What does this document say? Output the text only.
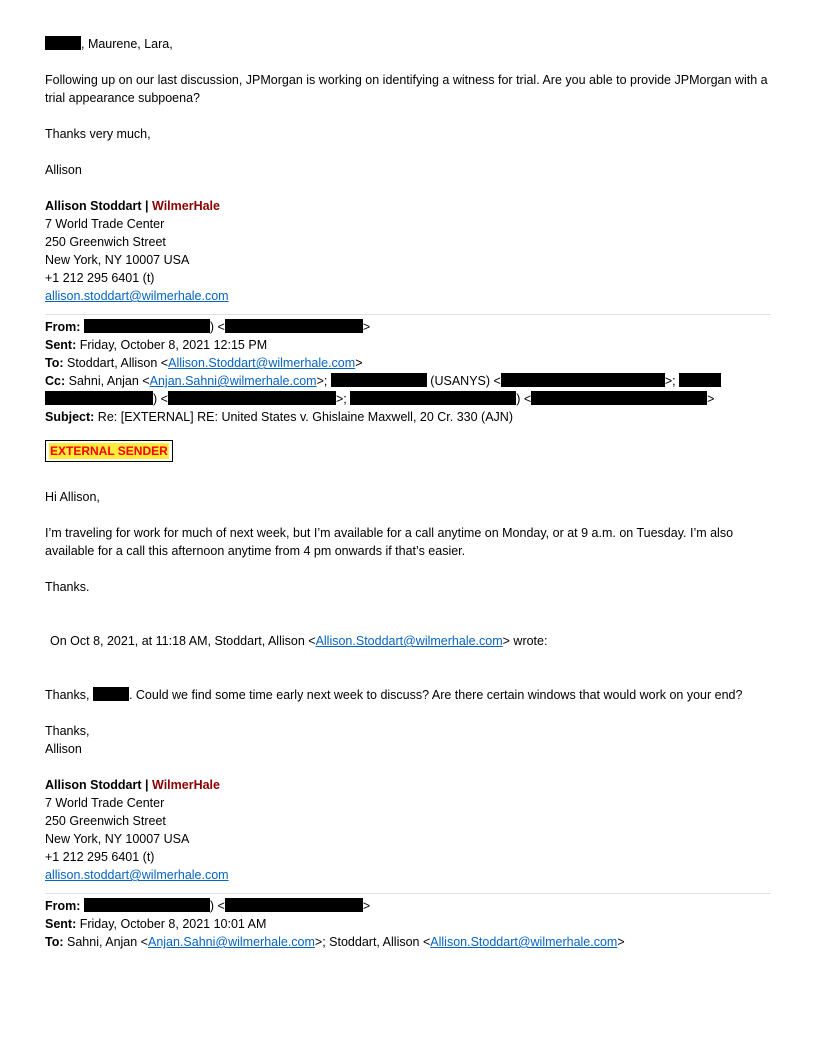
, Maurene, Lara,
Following up on our last discussion, JPMorgan is working on identifying a witness for trial. Are you able to provide JPMorgan with a trial appearance subpoena?
Thanks very much,
Allison
Allison Stoddart | WilmerHale
7 World Trade Center
250 Greenwich Street
New York, NY 10007 USA
+1 212 295 6401 (t)
allison.stoddart@wilmerhale.com
From:	) <	>
Sent: Friday, October 8, 2021 12:15 PM
To: Stoddart, Allison <Allison.Stoddart@wilmerhale.com>
Cc: Sahni, Anjan <Anjan.Sahni@wilmerhale.com>;	(USANYS) <	>;
) <	>;	) <	>
Subject: Re: [EXTERNAL] RE: United States v. Ghislaine Maxwell, 20 Cr. 330 (AJN)
EXTERNAL SENDER
Hi Allison,
I’m traveling for work for much of next week, but I’m available for a call anytime on Monday, or at 9 a.m. on Tuesday. I’m also available for a call this afternoon anytime from 4 pm onwards if that’s easier.
Thanks.
On Oct 8, 2021, at 11:18 AM, Stoddart, Allison <Allison.Stoddart@wilmerhale.com> wrote:
Thanks,	. Could we find some time early next week to discuss? Are there certain windows that would work on your end?
Thanks,
Allison
Allison Stoddart | WilmerHale
7 World Trade Center
250 Greenwich Street
New York, NY 10007 USA
+1 212 295 6401 (t)
allison.stoddart@wilmerhale.com
From:	) <	>
Sent: Friday, October 8, 2021 10:01 AM
To: Sahni, Anjan <Anjan.Sahni@wilmerhale.com>; Stoddart, Allison <Allison.Stoddart@wilmerhale.com>
